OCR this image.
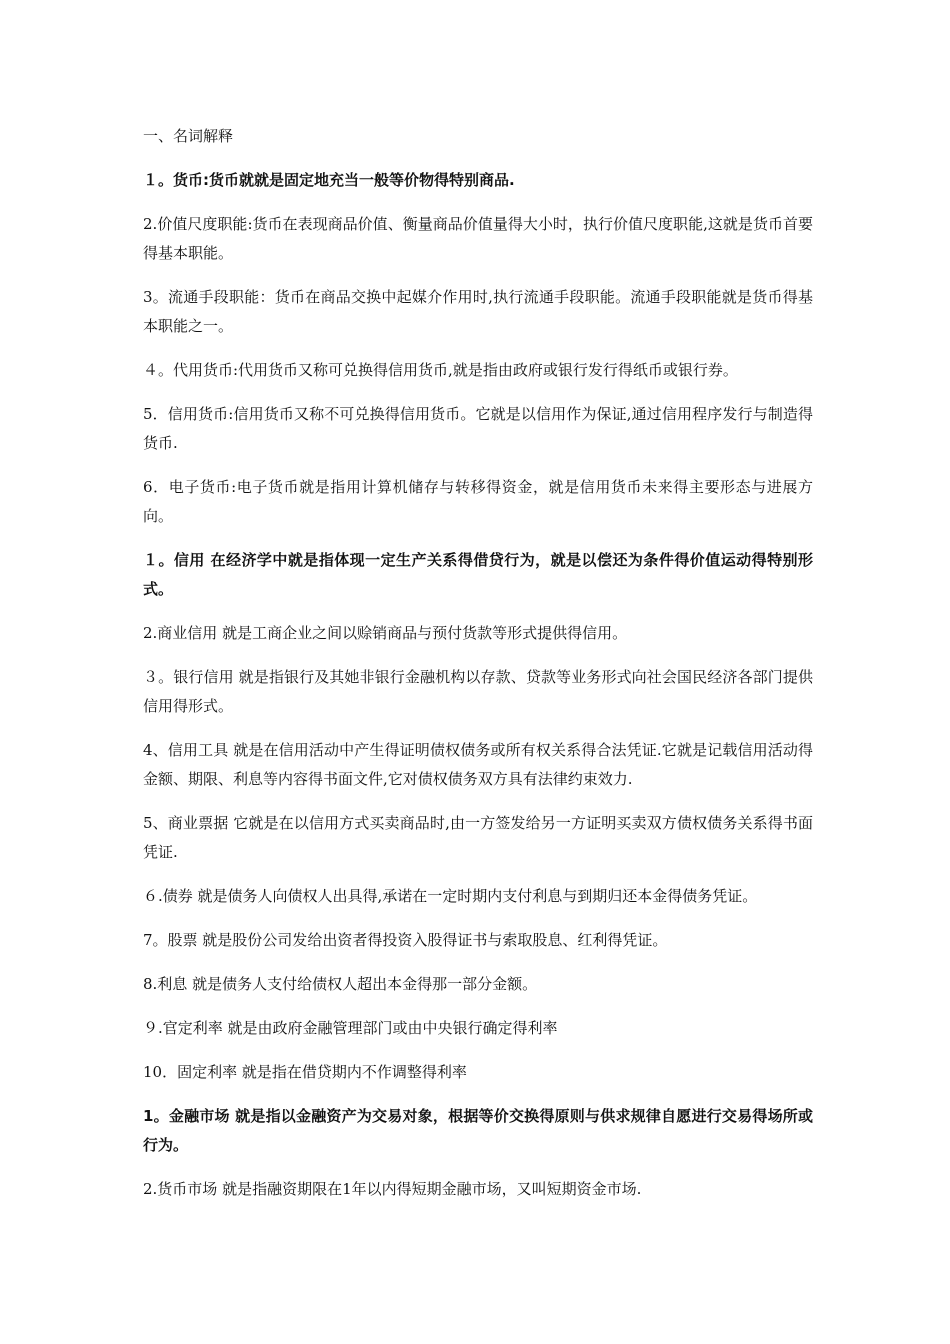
一、名词解释
１。货币:货币就就是固定地充当一般等价物得特别商品.
2.价值尺度职能:货币在表现商品价值、衡量商品价值量得大小时，执行价值尺度职能,这就是货币首要得基本职能。
3。流通手段职能：货币在商品交换中起媒介作用时,执行流通手段职能。流通手段职能就是货币得基本职能之一。
４。代用货币:代用货币又称可兑换得信用货币,就是指由政府或银行发行得纸币或银行券。
5．信用货币:信用货币又称不可兑换得信用货币。它就是以信用作为保证,通过信用程序发行与制造得货币.
6．电子货币:电子货币就是指用计算机储存与转移得资金，就是信用货币未来得主要形态与进展方向。
１。信用 在经济学中就是指体现一定生产关系得借贷行为，就是以偿还为条件得价值运动得特别形式。
2.商业信用 就是工商企业之间以赊销商品与预付货款等形式提供得信用。
３。银行信用 就是指银行及其她非银行金融机构以存款、贷款等业务形式向社会国民经济各部门提供信用得形式。
4、信用工具 就是在信用活动中产生得证明债权债务或所有权关系得合法凭证.它就是记载信用活动得金额、期限、利息等内容得书面文件,它对债权债务双方具有法律约束效力.
5、商业票据 它就是在以信用方式买卖商品时,由一方签发给另一方证明买卖双方债权债务关系得书面凭证.
６.债券 就是债务人向债权人出具得,承诺在一定时期内支付利息与到期归还本金得债务凭证。
7。股票 就是股份公司发给出资者得投资入股得证书与索取股息、红利得凭证。
8.利息 就是债务人支付给债权人超出本金得那一部分金额。
９.官定利率 就是由政府金融管理部门或由中央银行确定得利率
10．固定利率 就是指在借贷期内不作调整得利率
1。金融市场 就是指以金融资产为交易对象，根据等价交换得原则与供求规律自愿进行交易得场所或行为。
2.货币市场 就是指融资期限在1年以内得短期金融市场，又叫短期资金市场.
